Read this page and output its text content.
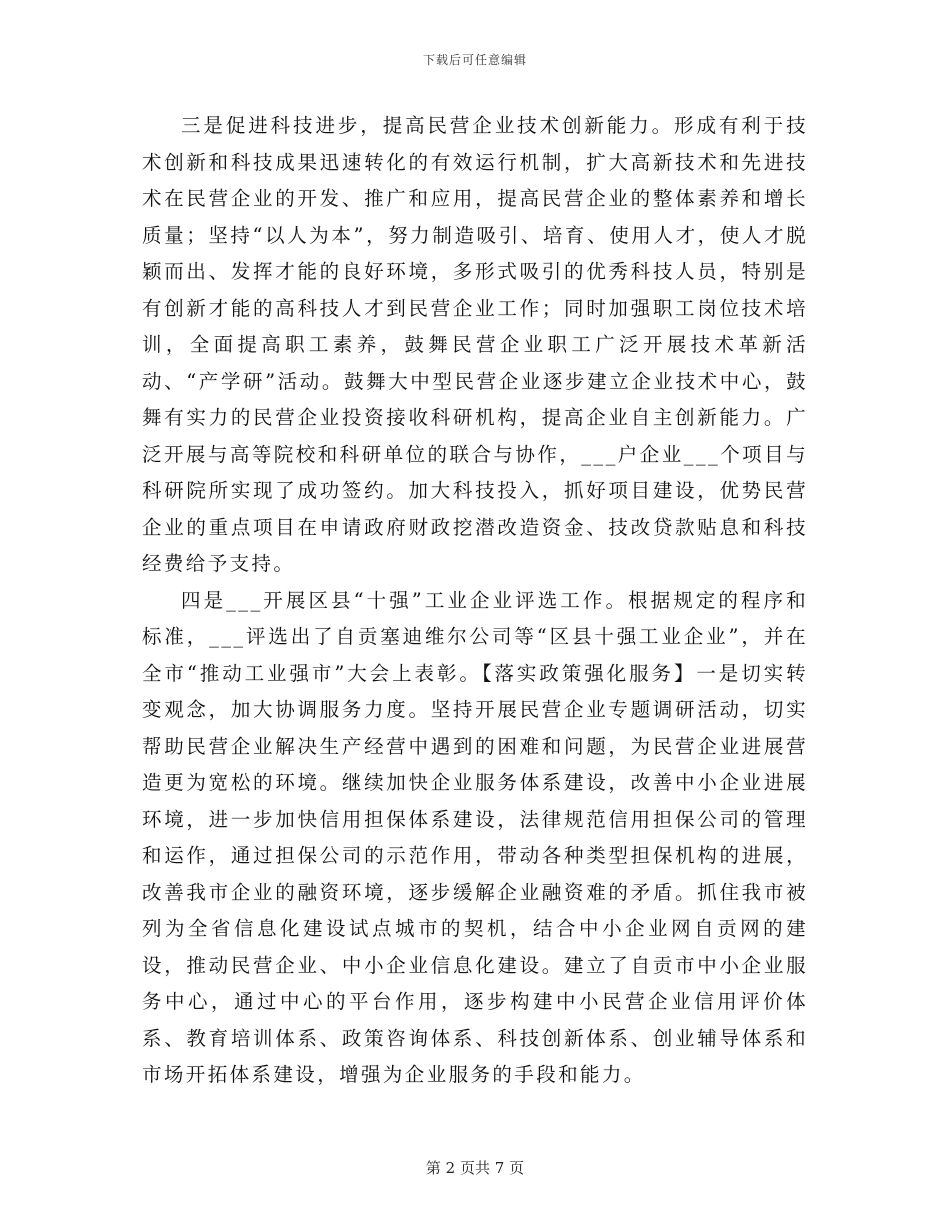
下载后可任意编辑

三是促进科技进步，提高民营企业技术创新能力。形成有利于技术创新和科技成果迅速转化的有效运行机制，扩大高新技术和先进技术在民营企业的开发、推广和应用，提高民营企业的整体素养和增长质量；坚持“以人为本”，努力制造吸引、培育、使用人才，使人才脱颖而出、发挥才能的良好环境，多形式吸引的优秀科技人员，特别是有创新才能的高科技人才到民营企业工作；同时加强职工岗位技术培训，全面提高职工素养，鼓舞民营企业职工广泛开展技术革新活动、“产学研”活动。鼓舞大中型民营企业逐步建立企业技术中心，鼓舞有实力的民营企业投资接收科研机构，提高企业自主创新能力。广泛开展与高等院校和科研单位的联合与协作，___户企业___个项目与科研院所实现了成功签约。加大科技投入，抓好项目建设，优势民营企业的重点项目在申请政府财政挖潜改造资金、技改贷款贴息和科技经费给予支持。

四是___开展区县“十强”工业企业评选工作。根据规定的程序和标准，___评选出了自贡塞迪维尔公司等“区县十强工业企业”，并在全市“推动工业强市”大会上表彰。【落实政策强化服务】一是切实转变观念，加大协调服务力度。坚持开展民营企业专题调研活动，切实帮助民营企业解决生产经营中遇到的困难和问题，为民营企业进展营造更为宽松的环境。继续加快企业服务体系建设，改善中小企业进展环境，进一步加快信用担保体系建设，法律规范信用担保公司的管理和运作，通过担保公司的示范作用，带动各种类型担保机构的进展，改善我市企业的融资环境，逐步缓解企业融资难的矛盾。抓住我市被列为全省信息化建设试点城市的契机，结合中小企业网自贡网的建设，推动民营企业、中小企业信息化建设。建立了自贡市中小企业服务中心，通过中心的平台作用，逐步构建中小民营企业信用评价体系、教育培训体系、政策咨询体系、科技创新体系、创业辅导体系和市场开拓体系建设，增强为企业服务的手段和能力。

第 2 页共 7 页
